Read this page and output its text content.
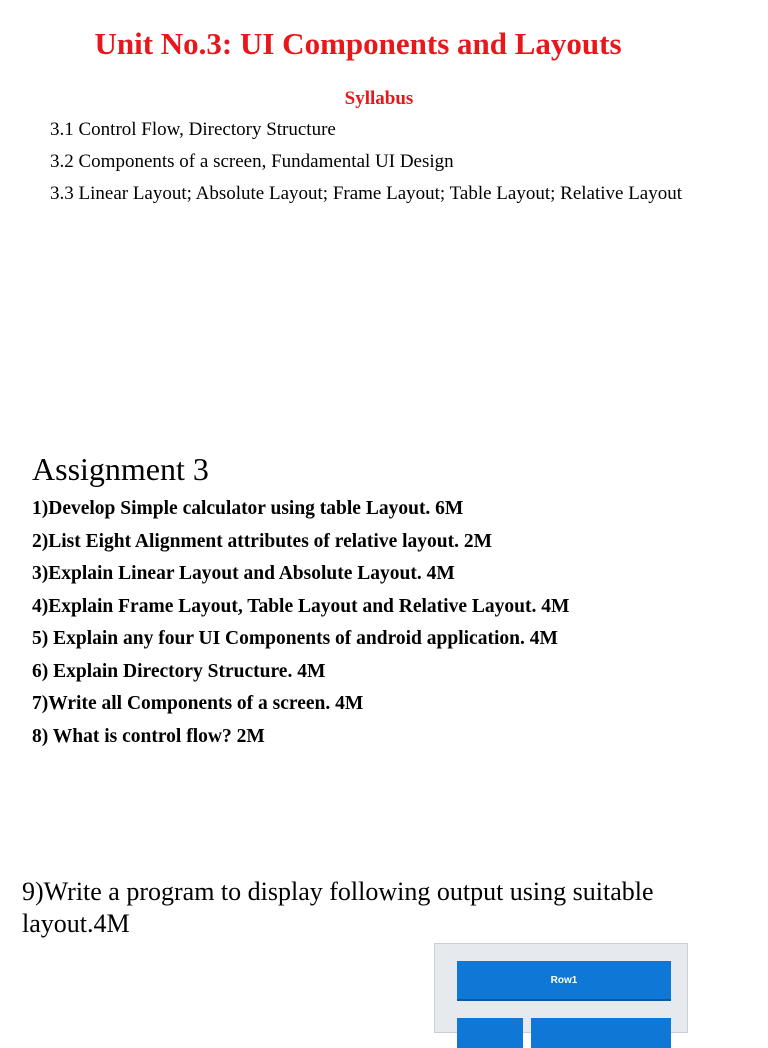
Unit No.3: UI Components and Layouts
Syllabus
3.1 Control Flow, Directory Structure
3.2 Components of a screen, Fundamental UI Design
3.3 Linear Layout; Absolute Layout; Frame Layout; Table Layout; Relative Layout
Assignment 3
1)Develop Simple calculator using table Layout. 6M
2)List Eight Alignment attributes of relative layout. 2M
3)Explain Linear Layout and Absolute Layout. 4M
4)Explain Frame Layout, Table Layout and Relative Layout. 4M
5) Explain any four UI Components of android application. 4M
6) Explain Directory Structure. 4M
7)Write all Components of a screen. 4M
8) What is control flow? 2M
9)Write a program to display following output using suitable layout.4M
Row1
